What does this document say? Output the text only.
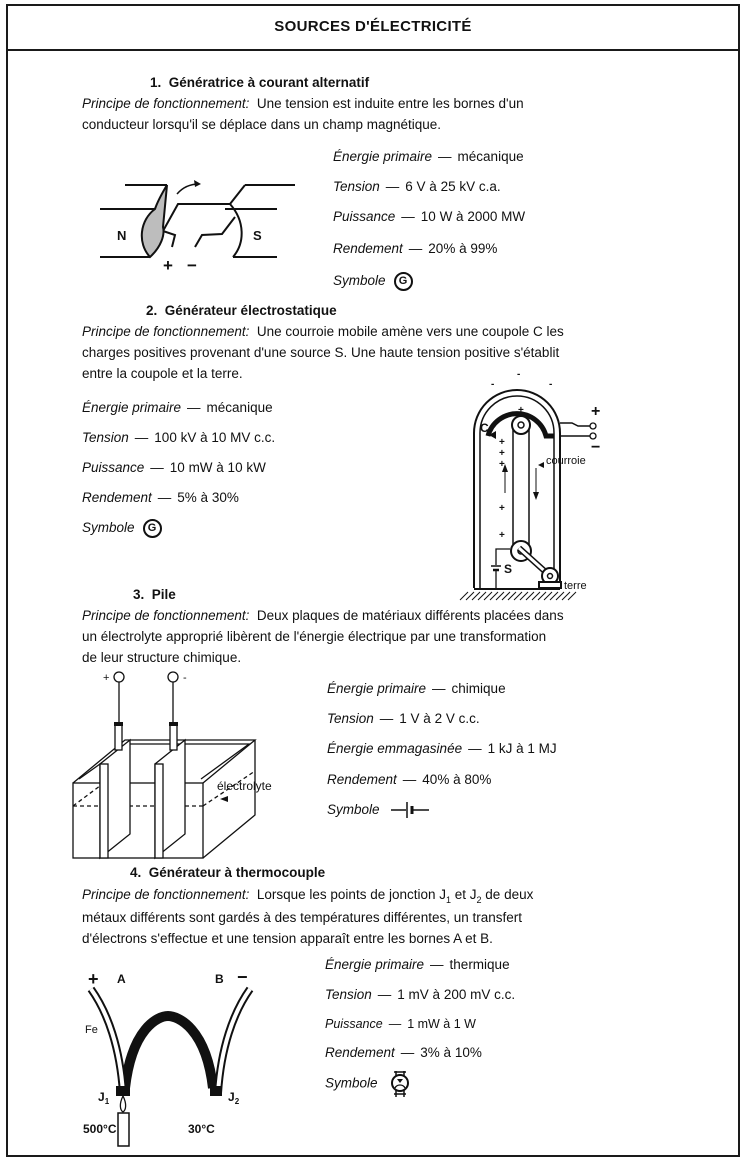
SOURCES D'ÉLECTRICITÉ
1. Génératrice à courant alternatif
Principe de fonctionnement: Une tension est induite entre les bornes d'un
conducteur lorsqu'il se déplace dans un champ magnétique.
N	S
+ −
Énergie primaire — mécanique
Tension — 6 V à 25 kV c.a.
Puissance — 10 W à 2000 MW
Rendement — 20% à 99%
Symbole G
2. Générateur électrostatique
Principe de fonctionnement: Une courroie mobile amène vers une coupole C les
charges positives provenant d'une source S. Une haute tension positive s'établit
entre la coupole et la terre.
Énergie primaire — mécanique
Tension — 100 kV à 10 MV c.c.
Puissance — 10 mW à 10 kW
Rendement — 5% à 30%
Symbole G
-
-	-
+
+
+
+
+
+
C
courroie
S
terre
+
−
3. Pile
Principe de fonctionnement: Deux plaques de matériaux différents placées dans
un électrolyte approprié libèrent de l'énergie électrique par une transformation
de leur structure chimique.
+	-
électrolyte
Énergie primaire — chimique
Tension — 1 V à 2 V c.c.
Énergie emmagasinée — 1 kJ à 1 MJ
Rendement — 40% à 80%
Symbole
4. Générateur à thermocouple
Principe de fonctionnement: Lorsque les points de jonction $J_1$ et $J_2$ de deux
métaux différents sont gardés à des températures différentes, un transfert
d'électrons s'effectue et une tension apparaît entre les bornes A et B.
+ A	B −
Fe
PbTe
$J_1$	$J_2$
500°C	30°C
Énergie primaire — thermique
Tension — 1 mV à 200 mV c.c.
Puissance — 1 mW à 1 W
Rendement — 3% à 10%
Symbole
